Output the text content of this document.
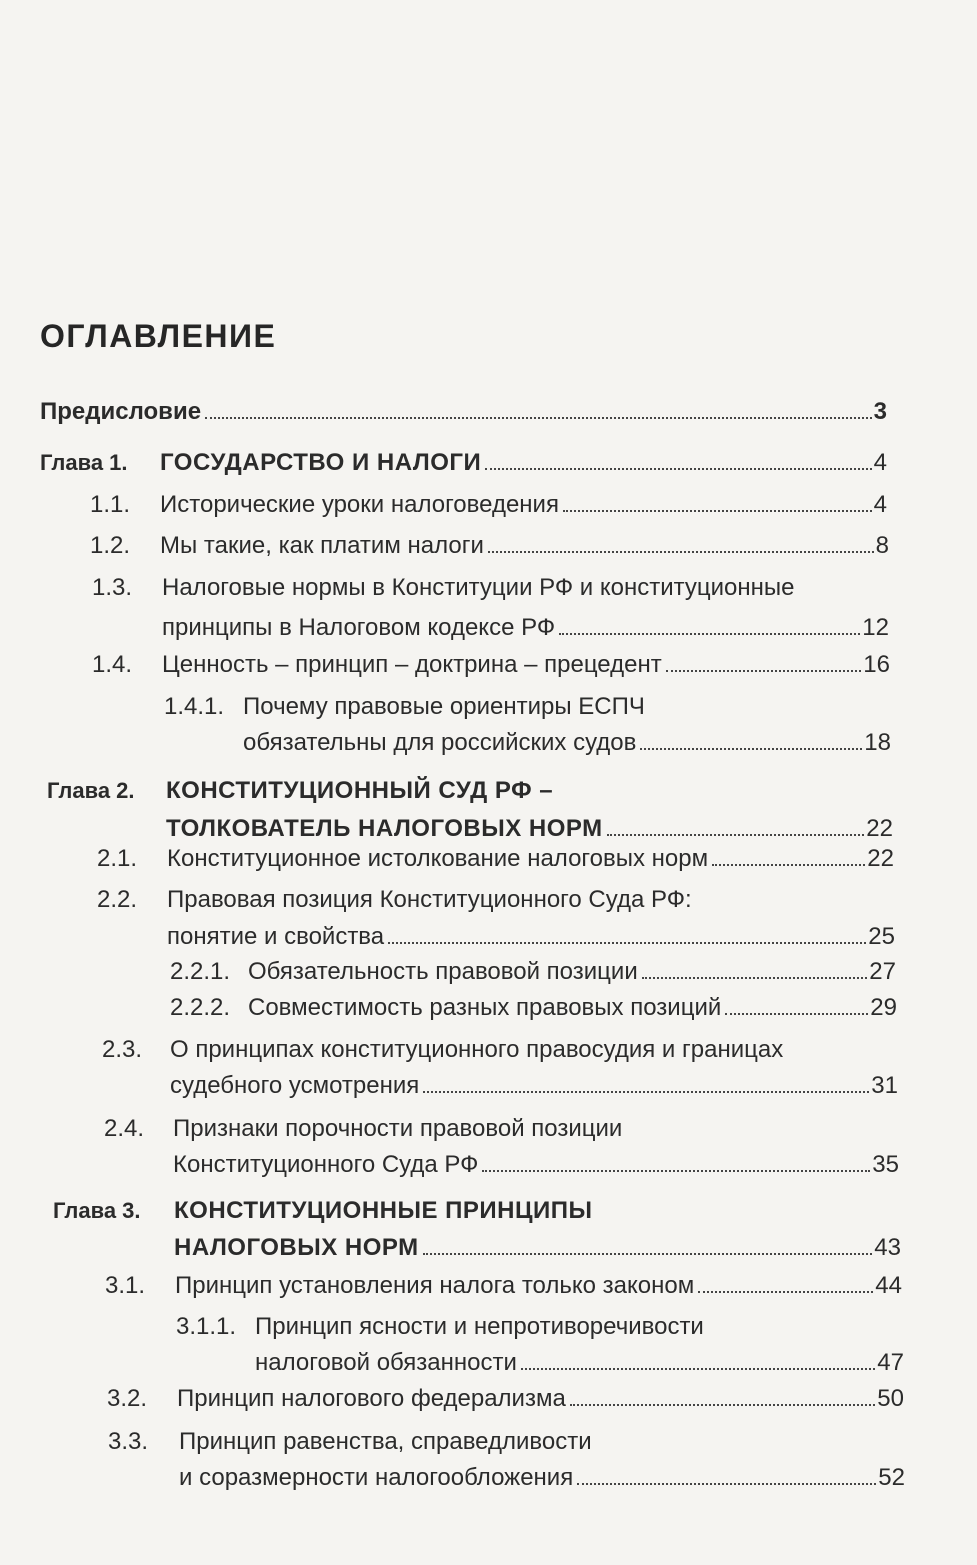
ОГЛАВЛЕНИЕ
Предисловие	3
Глава 1. ГОСУДАРСТВО И НАЛОГИ	4
1.1. Исторические уроки налоговедения	4
1.2. Мы такие, как платим налоги	8
1.3. Налоговые нормы в Конституции РФ и конституционные
принципы в Налоговом кодексе РФ	12
1.4. Ценность – принцип – доктрина – прецедент	16
1.4.1. Почему правовые ориентиры ЕСПЧ
обязательны для российских судов	18
Глава 2. КОНСТИТУЦИОННЫЙ СУД РФ –
ТОЛКОВАТЕЛЬ НАЛОГОВЫХ НОРМ	22
2.1. Конституционное истолкование налоговых норм	22
2.2. Правовая позиция Конституционного Суда РФ:
понятие и свойства	25
2.2.1. Обязательность правовой позиции	27
2.2.2. Совместимость разных правовых позиций	29
2.3. О принципах конституционного правосудия и границах
судебного усмотрения	31
2.4. Признаки порочности правовой позиции
Конституционного Суда РФ	35
Глава 3. КОНСТИТУЦИОННЫЕ ПРИНЦИПЫ
НАЛОГОВЫХ НОРМ	43
3.1. Принцип установления налога только законом	44
3.1.1. Принцип ясности и непротиворечивости
налоговой обязанности	47
3.2. Принцип налогового федерализма	50
3.3. Принцип равенства, справедливости
и соразмерности налогообложения	52
